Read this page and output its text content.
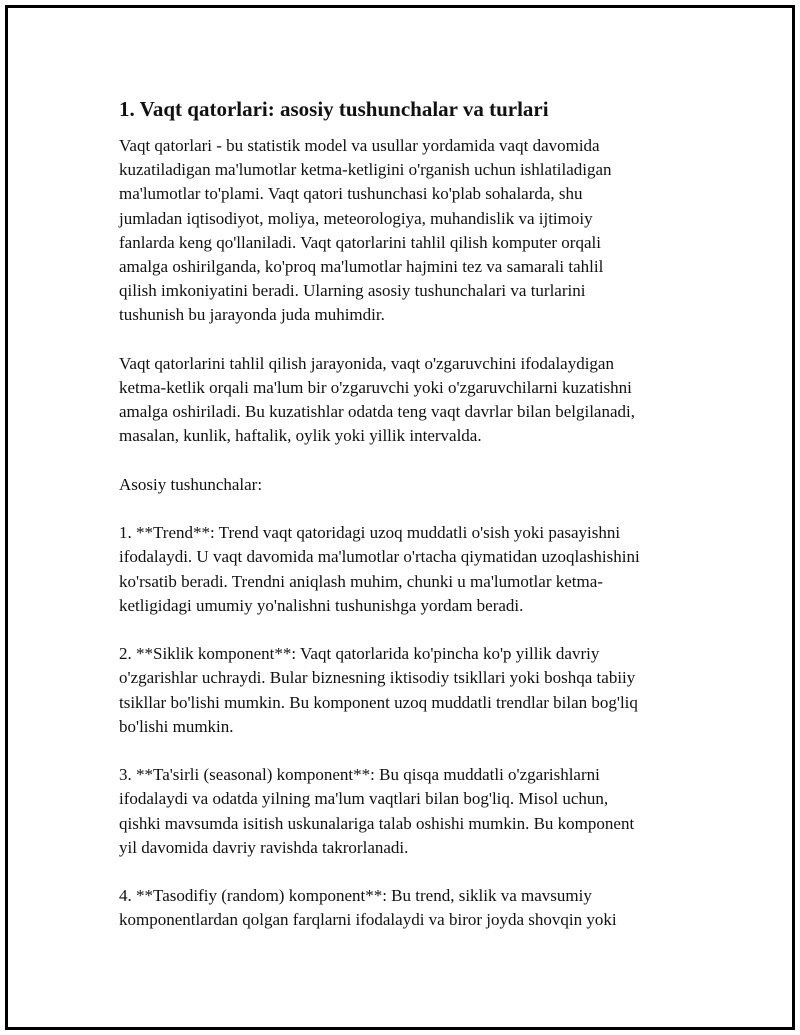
1. Vaqt qatorlari: asosiy tushunchalar va turlari

Vaqt qatorlari - bu statistik model va usullar yordamida vaqt davomida
kuzatiladigan ma'lumotlar ketma-ketligini o'rganish uchun ishlatiladigan
ma'lumotlar to'plami. Vaqt qatori tushunchasi ko'plab sohalarda, shu
jumladan iqtisodiyot, moliya, meteorologiya, muhandislik va ijtimoiy
fanlarda keng qo'llaniladi. Vaqt qatorlarini tahlil qilish komputer orqali
amalga oshirilganda, ko'proq ma'lumotlar hajmini tez va samarali tahlil
qilish imkoniyatini beradi. Ularning asosiy tushunchalari va turlarini
tushunish bu jarayonda juda muhimdir.

Vaqt qatorlarini tahlil qilish jarayonida, vaqt o'zgaruvchini ifodalaydigan
ketma-ketlik orqali ma'lum bir o'zgaruvchi yoki o'zgaruvchilarni kuzatishni
amalga oshiriladi. Bu kuzatishlar odatda teng vaqt davrlar bilan belgilanadi,
masalan, kunlik, haftalik, oylik yoki yillik intervalda.

Asosiy tushunchalar:

1. **Trend**: Trend vaqt qatoridagi uzoq muddatli o'sish yoki pasayishni
ifodalaydi. U vaqt davomida ma'lumotlar o'rtacha qiymatidan uzoqlashishini
ko'rsatib beradi. Trendni aniqlash muhim, chunki u ma'lumotlar ketma-
ketligidagi umumiy yo'nalishni tushunishga yordam beradi.

2. **Siklik komponent**: Vaqt qatorlarida ko'pincha ko'p yillik davriy
o'zgarishlar uchraydi. Bular biznesning iktisodiy tsikllari yoki boshqa tabiiy
tsikllar bo'lishi mumkin. Bu komponent uzoq muddatli trendlar bilan bog'liq
bo'lishi mumkin.

3. **Ta'sirli (seasonal) komponent**: Bu qisqa muddatli o'zgarishlarni
ifodalaydi va odatda yilning ma'lum vaqtlari bilan bog'liq. Misol uchun,
qishki mavsumda isitish uskunalariga talab oshishi mumkin. Bu komponent
yil davomida davriy ravishda takrorlanadi.

4. **Tasodifiy (random) komponent**: Bu trend, siklik va mavsumiy
komponentlardan qolgan farqlarni ifodalaydi va biror joyda shovqin yoki
